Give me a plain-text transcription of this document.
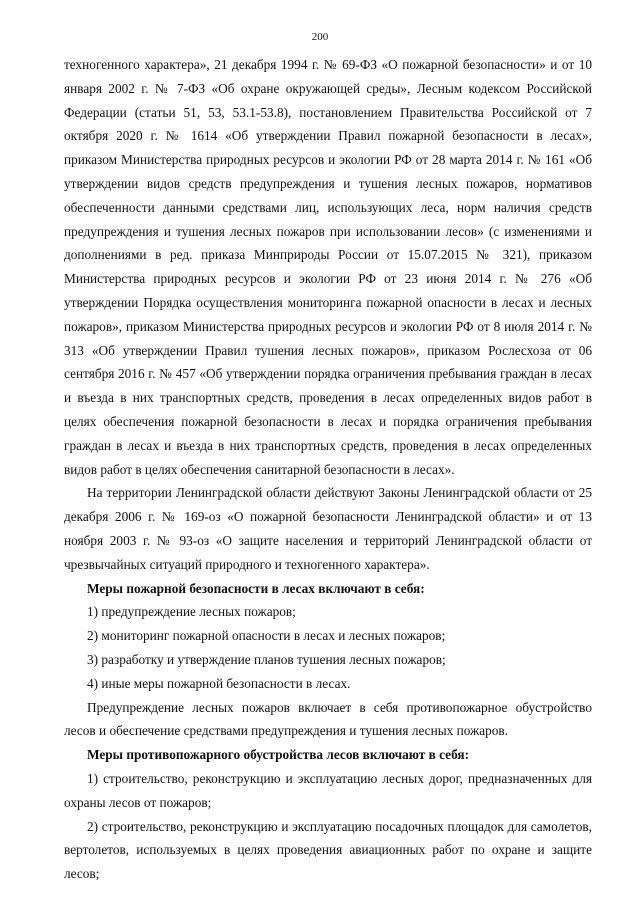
200

техногенного характера», 21 декабря 1994 г. № 69-ФЗ «О пожарной безопасности» и от 10 января 2002 г. № 7-ФЗ «Об охране окружающей среды», Лесным кодексом Российской Федерации (статьи 51, 53, 53.1-53.8), постановлением Правительства Российской от 7 октября 2020 г. № 1614 «Об утверждении Правил пожарной безопасности в лесах», приказом Министерства природных ресурсов и экологии РФ от 28 марта 2014 г. № 161 «Об утверждении видов средств предупреждения и тушения лесных пожаров, нормативов обеспеченности данными средствами лиц, использующих леса, норм наличия средств предупреждения и тушения лесных пожаров при использовании лесов» (с изменениями и дополнениями в ред. приказа Минприроды России от 15.07.2015 № 321), приказом Министерства природных ресурсов и экологии РФ от 23 июня 2014 г. № 276 «Об утверждении Порядка осуществления мониторинга пожарной опасности в лесах и лесных пожаров», приказом Министерства природных ресурсов и экологии РФ от 8 июля 2014 г. № 313 «Об утверждении Правил тушения лесных пожаров», приказом Рослесхоза от 06 сентября 2016 г. № 457 «Об утверждении порядка ограничения пребывания граждан в лесах и въезда в них транспортных средств, проведения в лесах определенных видов работ в целях обеспечения пожарной безопасности в лесах и порядка ограничения пребывания граждан в лесах и въезда в них транспортных средств, проведения в лесах определенных видов работ в целях обеспечения санитарной безопасности в лесах».

На территории Ленинградской области действуют Законы Ленинградской области от 25 декабря 2006 г. № 169-оз «О пожарной безопасности Ленинградской области» и от 13 ноября 2003 г. № 93-оз «О защите населения и территорий Ленинградской области от чрезвычайных ситуаций природного и техногенного характера».

Меры пожарной безопасности в лесах включают в себя:

1) предупреждение лесных пожаров;

2) мониторинг пожарной опасности в лесах и лесных пожаров;

3) разработку и утверждение планов тушения лесных пожаров;

4) иные меры пожарной безопасности в лесах.

Предупреждение лесных пожаров включает в себя противопожарное обустройство лесов и обеспечение средствами предупреждения и тушения лесных пожаров.

Меры противопожарного обустройства лесов включают в себя:

1) строительство, реконструкцию и эксплуатацию лесных дорог, предназначенных для охраны лесов от пожаров;

2) строительство, реконструкцию и эксплуатацию посадочных площадок для самолетов, вертолетов, используемых в целях проведения авиационных работ по охране и защите лесов;
